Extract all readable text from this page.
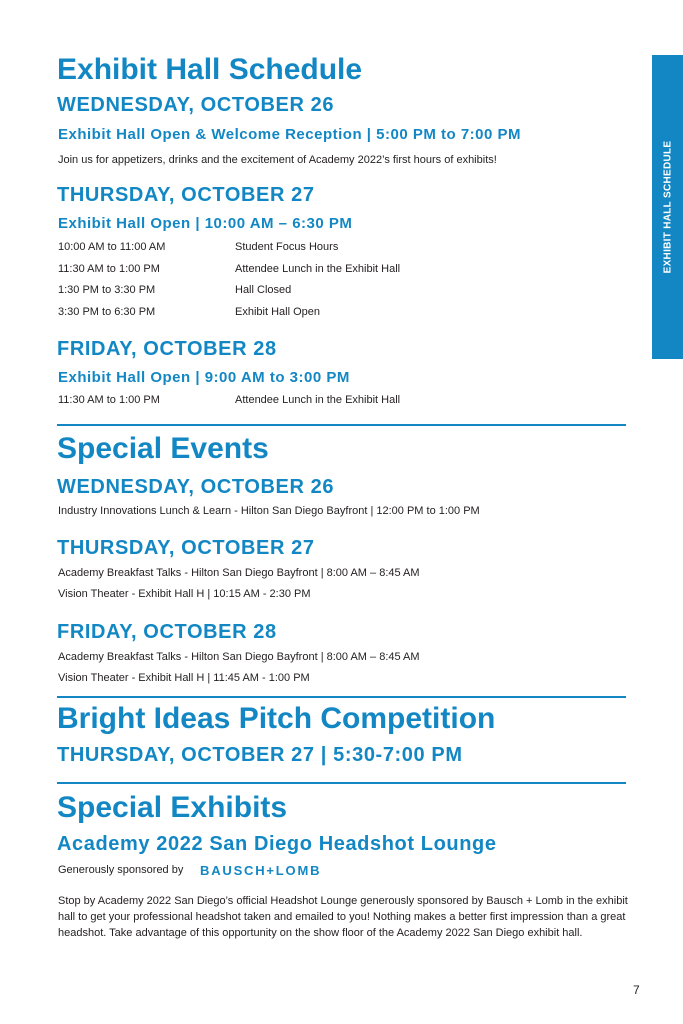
EXHIBIT HALL SCHEDULE
Exhibit Hall Schedule
WEDNESDAY, OCTOBER 26
Exhibit Hall Open & Welcome Reception | 5:00 PM to 7:00 PM
Join us for appetizers, drinks and the excitement of Academy 2022’s first hours of exhibits!
THURSDAY, OCTOBER 27
Exhibit Hall Open | 10:00 AM – 6:30 PM
10:00 AM to 11:00 AM	Student Focus Hours
11:30 AM to 1:00 PM	Attendee Lunch in the Exhibit Hall
1:30 PM to 3:30 PM	Hall Closed
3:30 PM to 6:30 PM	Exhibit Hall Open
FRIDAY, OCTOBER 28
Exhibit Hall Open | 9:00 AM to 3:00 PM
11:30 AM to 1:00 PM	Attendee Lunch in the Exhibit Hall
Special Events
WEDNESDAY, OCTOBER 26
Industry Innovations Lunch & Learn - Hilton San Diego Bayfront | 12:00 PM to 1:00 PM
THURSDAY, OCTOBER 27
Academy Breakfast Talks - Hilton San Diego Bayfront | 8:00 AM – 8:45 AM
Vision Theater - Exhibit Hall H | 10:15 AM - 2:30 PM
FRIDAY, OCTOBER 28
Academy Breakfast Talks - Hilton San Diego Bayfront | 8:00 AM – 8:45 AM
Vision Theater - Exhibit Hall H | 11:45 AM - 1:00 PM
Bright Ideas Pitch Competition
THURSDAY, OCTOBER 27 | 5:30-7:00 PM
Special Exhibits
Academy 2022 San Diego Headshot Lounge
Generously sponsored by BAUSCH+LOMB
Stop by Academy 2022 San Diego’s official Headshot Lounge generously sponsored by Bausch + Lomb in the exhibit hall to get your professional headshot taken and emailed to you! Nothing makes a better first impression than a great headshot. Take advantage of this opportunity on the show floor of the Academy 2022 San Diego exhibit hall.
7
